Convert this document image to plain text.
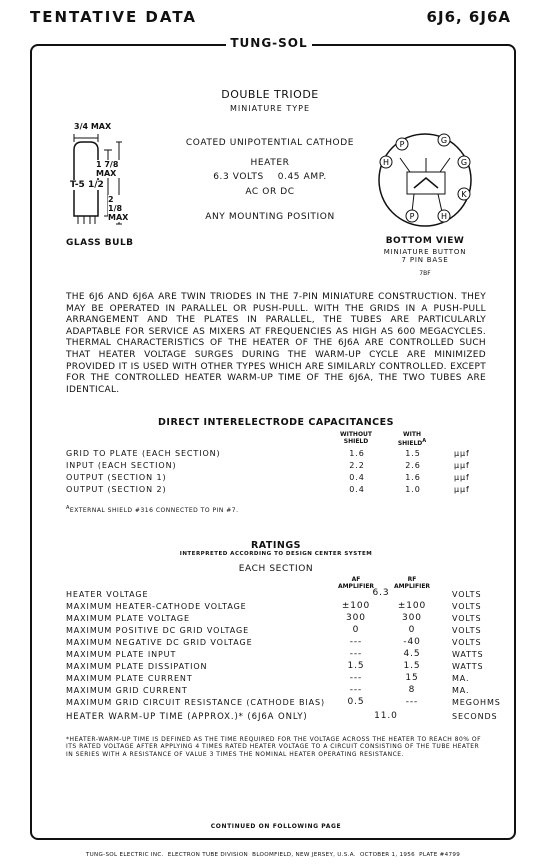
TENTATIVE DATA	6J6, 6J6A
TUNG-SOL
DOUBLE TRIODE
MINIATURE TYPE
COATED UNIPOTENTIAL CATHODE
HEATER
6.3 VOLTS    0.45 AMP.
AC OR DC
ANY MOUNTING POSITION
3/4 MAX
1 7/8 MAX
2 1/8 MAX
T-5 1/2
GLASS BULB
P
H
G
G
K
P	H
BOTTOM VIEW
MINIATURE BUTTON
7 PIN BASE
7BF
THE 6J6 AND 6J6A ARE TWIN TRIODES IN THE 7-PIN MINIATURE CONSTRUCTION. THEY MAY BE OPERATED IN PARALLEL OR PUSH-PULL. WITH THE GRIDS IN A PUSH-PULL ARRANGEMENT AND THE PLATES IN PARALLEL, THE TUBES ARE PARTICULARLY ADAPTABLE FOR SERVICE AS MIXERS AT FREQUENCIES AS HIGH AS 600 MEGACYCLES. THERMAL CHARACTERISTICS OF THE HEATER OF THE 6J6A ARE CONTROLLED SUCH THAT HEATER VOLTAGE SURGES DURING THE WARM-UP CYCLE ARE MINIMIZED PROVIDED IT IS USED WITH OTHER TYPES WHICH ARE SIMILARLY CONTROLLED. EXCEPT FOR THE CONTROLLED HEATER WARM-UP TIME OF THE 6J6A, THE TWO TUBES ARE IDENTICAL.
DIRECT INTERELECTRODE CAPACITANCES
WITHOUT
SHIELD
WITH
$SHIELD^A$
GRID TO PLATE (EACH SECTION)	1.6	1.5	μμf
INPUT (EACH SECTION)	2.2	2.6	μμf
OUTPUT (SECTION 1)	0.4	1.6	μμf
OUTPUT (SECTION 2)	0.4	1.0	μμf
$^A$EXTERNAL SHIELD #316 CONNECTED TO PIN #7.
RATINGS
INTERPRETED ACCORDING TO DESIGN CENTER SYSTEM
EACH SECTION
AF
AMPLIFIER
RF
AMPLIFIER
HEATER VOLTAGE	6.3	VOLTS
MAXIMUM HEATER-CATHODE VOLTAGE	±100	±100	VOLTS
MAXIMUM PLATE VOLTAGE	300	300	VOLTS
MAXIMUM POSITIVE DC GRID VOLTAGE	0	0	VOLTS
MAXIMUM NEGATIVE DC GRID VOLTAGE	---	-40	VOLTS
MAXIMUM PLATE INPUT	---	4.5	WATTS
MAXIMUM PLATE DISSIPATION	1.5	1.5	WATTS
MAXIMUM PLATE CURRENT	---	15	MA.
MAXIMUM GRID CURRENT	---	8	MA.
MAXIMUM GRID CIRCUIT RESISTANCE (CATHODE BIAS)	0.5	---	MEGOHMS
HEATER WARM-UP TIME (APPROX.)* (6J6A ONLY)	11.0	SECONDS
*HEATER-WARM-UP TIME IS DEFINED AS THE TIME REQUIRED FOR THE VOLTAGE ACROSS THE HEATER TO REACH 80% OF ITS RATED VOLTAGE AFTER APPLYING 4 TIMES RATED HEATER VOLTAGE TO A CIRCUIT CONSISTING OF THE TUBE HEATER IN SERIES WITH A RESISTANCE OF VALUE 3 TIMES THE NOMINAL HEATER OPERATING RESISTANCE.
CONTINUED ON FOLLOWING PAGE
TUNG-SOL ELECTRIC INC.  ELECTRON TUBE DIVISION  BLOOMFIELD, NEW JERSEY, U.S.A.  OCTOBER 1, 1956  PLATE #4799
